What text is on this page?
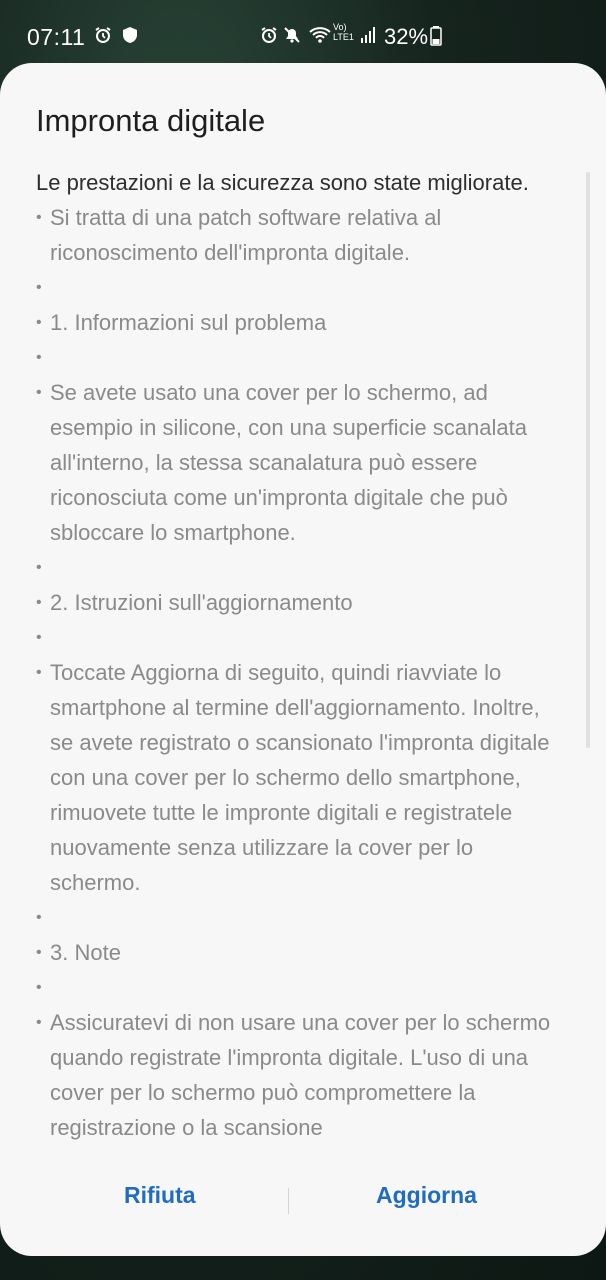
07:11	Vo) LTE1 32%
Impronta digitale

Le prestazioni e la sicurezza sono state migliorate.

• Si tratta di una patch software relativa al riconoscimento dell'impronta digitale.
•
• 1. Informazioni sul problema
•
• Se avete usato una cover per lo schermo, ad esempio in silicone, con una superficie scanalata all'interno, la stessa scanalatura può essere riconosciuta come un'impronta digitale che può sbloccare lo smartphone.
•
• 2. Istruzioni sull'aggiornamento
•
• Toccate Aggiorna di seguito, quindi riavviate lo smartphone al termine dell'aggiornamento. Inoltre, se avete registrato o scansionato l'impronta digitale con una cover per lo schermo dello smartphone, rimuovete tutte le impronte digitali e registratele nuovamente senza utilizzare la cover per lo schermo.
•
• 3. Note
•
• Assicuratevi di non usare una cover per lo schermo quando registrate l'impronta digitale. L'uso di una cover per lo schermo può compromettere la registrazione o la scansione
Rifiuta	Aggiorna
